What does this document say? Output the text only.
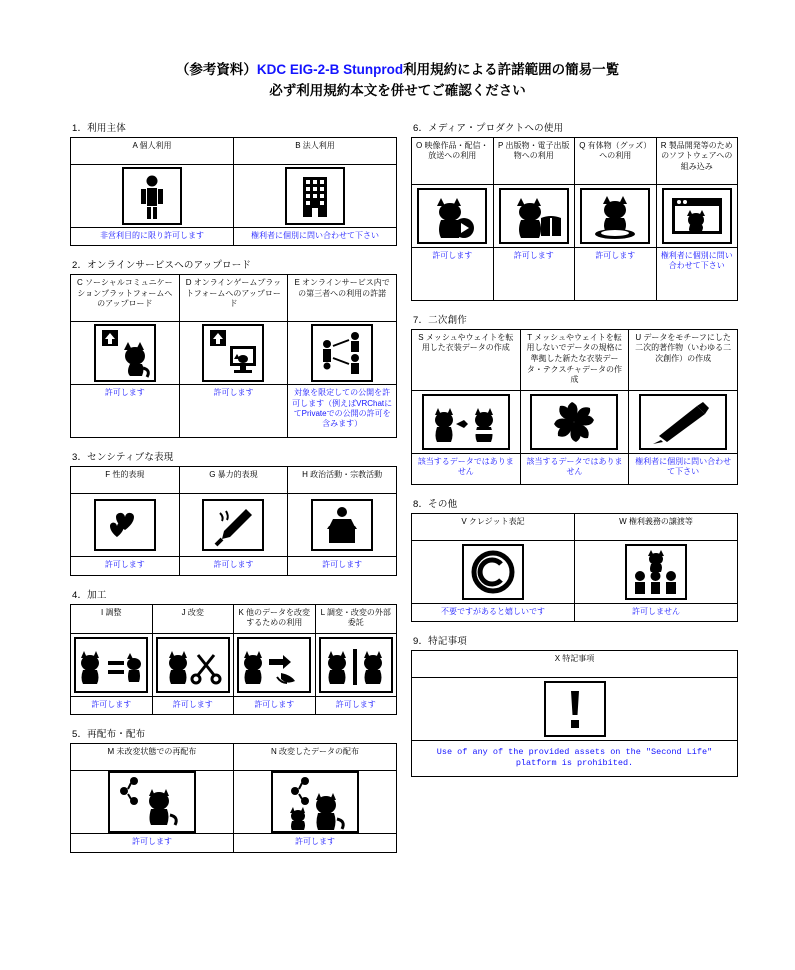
（参考資料）KDC EIG-2-B Stunprod利用規約による許諾範囲の簡易一覧
必ず利用規約本文を併せてご確認ください
1．利用主体
A 個人利用	B 法人利用

非営利目的に限り許可します	権利者に個別に問い合わせて下さい
2．オンラインサービスへのアップロード
C ソーシャルコミュニケーションプラットフォームへのアップロード	D オンラインゲームプラットフォームへのアップロード	E オンラインサービス内での第三者への利用の許諾

許可します	許可します	対象を限定しての公開を許可します（例えばVRChatにてPrivateでの公開の許可を含みます）
3．センシティブな表現
F 性的表現	G 暴力的表現	H 政治活動・宗教活動

許可します	許可します	許可します
4．加工
I 調整	J 改変	K 他のデータを改変するための利用	L 調変・改変の外部委託

許可します	許可します	許可します	許可します
5．再配布・配布
M 未改変状態での再配布	N 改変したデータの配布

許可します	許可します
6．メディア・プロダクトへの使用
O 映像作品・配信・放送への利用	P 出版物・電子出版物への利用	Q 有体物（グッズ）への利用	R 製品開発等のためのソフトウェアへの組み込み

許可します	許可します	許可します	権利者に個別に問い合わせて下さい
7．二次創作
S メッシュやウェイトを転用した衣装データの作成	T メッシュやウェイトを転用しないでデータの規格に準拠した新たな衣装データ・テクスチャデータの作成	U データをモチーフにした二次的著作物（いわゆる二次創作）の作成

該当するデータではありません	該当するデータではありません	権利者に個別に問い合わせて下さい
8．その他
V クレジット表記	W 権利義務の譲渡等

不要ですがあると嬉しいです	許可しません
9．特記事項
X 特記事項

Use of any of the provided assets on the "Second Life" platform is prohibited.
